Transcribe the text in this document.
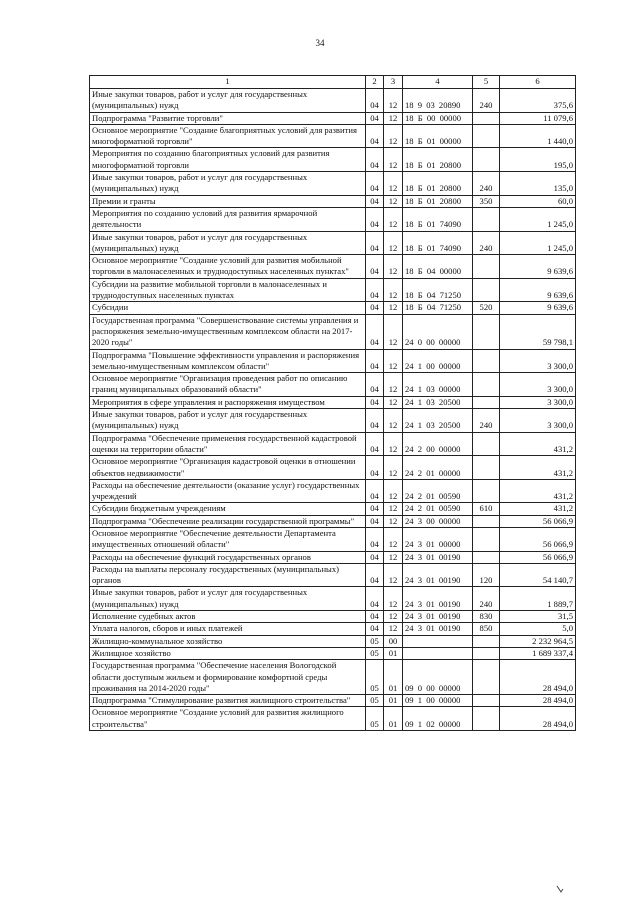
34
1	2	3	4	5	6
Иные закупки товаров, работ и услуг для государственных (муниципальных) нужд	04	12	18 9 03 20890	240	375,6
Подпрограмма "Развитие торговли"	04	12	18 Б 00 00000		11 079,6
Основное мероприятие "Создание благоприятных условий для развития многоформатной торговли"	04	12	18 Б 01 00000		1 440,0
Мероприятия по созданию благоприятных условий для развития многоформатной торговли	04	12	18 Б 01 20800		195,0
Иные закупки товаров, работ и услуг для государственных (муниципальных) нужд	04	12	18 Б 01 20800	240	135,0
Премии и гранты	04	12	18 Б 01 20800	350	60,0
Мероприятия по созданию условий для развития ярмарочной деятельности	04	12	18 Б 01 74090		1 245,0
Иные закупки товаров, работ и услуг для государственных (муниципальных) нужд	04	12	18 Б 01 74090	240	1 245,0
Основное мероприятие "Создание условий для развития мобильной торговли в малонаселенных и труднодоступных населенных пунктах"	04	12	18 Б 04 00000		9 639,6
Субсидии на развитие мобильной торговли в малонаселенных и труднодоступных населенных пунктах	04	12	18 Б 04 71250		9 639,6
Субсидии	04	12	18 Б 04 71250	520	9 639,6
Государственная программа "Совершенствование системы управления и распоряжения земельно-имущественным комплексом области на 2017-2020 годы"	04	12	24 0 00 00000		59 798,1
Подпрограмма "Повышение эффективности управления и распоряжения земельно-имущественным комплексом области"	04	12	24 1 00 00000		3 300,0
Основное мероприятие "Организация проведения работ по описанию границ муниципальных образований области"	04	12	24 1 03 00000		3 300,0
Мероприятия в сфере управления и распоряжения имуществом	04	12	24 1 03 20500		3 300,0
Иные закупки товаров, работ и услуг для государственных (муниципальных) нужд	04	12	24 1 03 20500	240	3 300,0
Подпрограмма "Обеспечение применения государственной кадастровой оценки на территории области"	04	12	24 2 00 00000		431,2
Основное мероприятие "Организация кадастровой оценки в отношении объектов недвижимости"	04	12	24 2 01 00000		431,2
Расходы на обеспечение деятельности (оказание услуг) государственных учреждений	04	12	24 2 01 00590		431,2
Субсидии бюджетным учреждениям	04	12	24 2 01 00590	610	431,2
Подпрограмма "Обеспечение реализации государственной программы"	04	12	24 3 00 00000		56 066,9
Основное мероприятие "Обеспечение деятельности Департамента имущественных отношений области"	04	12	24 3 01 00000		56 066,9
Расходы на обеспечение функций государственных органов	04	12	24 3 01 00190		56 066,9
Расходы на выплаты персоналу государственных (муниципальных) органов	04	12	24 3 01 00190	120	54 140,7
Иные закупки товаров, работ и услуг для государственных (муниципальных) нужд	04	12	24 3 01 00190	240	1 889,7
Исполнение судебных актов	04	12	24 3 01 00190	830	31,5
Уплата налогов, сборов и иных платежей	04	12	24 3 01 00190	850	5,0
Жилищно-коммунальное хозяйство	05	00			2 232 964,5
Жилищное хозяйство	05	01			1 689 337,4
Государственная программа "Обеспечение населения Вологодской области доступным жильем и формирование комфортной среды проживания на 2014-2020 годы"	05	01	09 0 00 00000		28 494,0
Подпрограмма "Стимулирование развития жилищного строительства"	05	01	09 1 00 00000		28 494,0
Основное мероприятие "Создание условий для развития жилищного строительства"	05	01	09 1 02 00000		28 494,0
